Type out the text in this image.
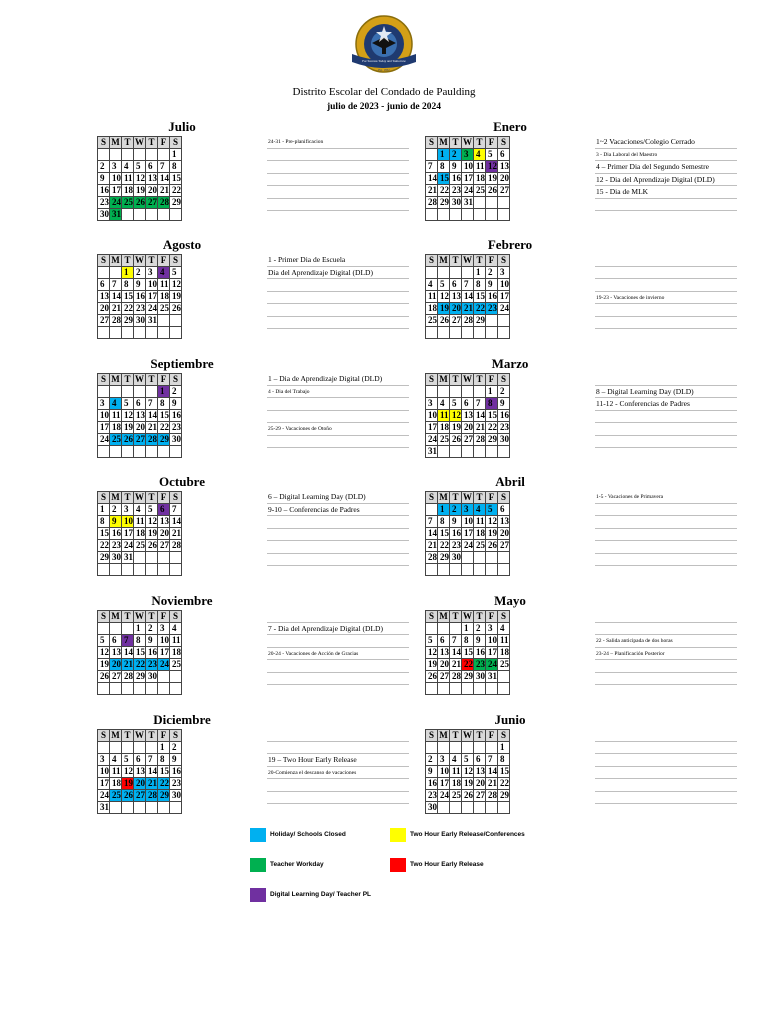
For Success Today and Tomorrow
Est. 1832
Distrito Escolar del Condado de Paulding
julio de 2023 - junio de 2024
Julio
S	M	T	W	T	F	S
						1
2	3	4	5	6	7	8
9	10	11	12	13	14	15
16	17	18	19	20	21	22
23	24	25	26	27	28	29
30	31					
24-31 - Pre-planificacion
Enero
S	M	T	W	T	F	S
	1	2	3	4	5	6
7	8	9	10	11	12	13
14	15	16	17	18	19	20
21	22	23	24	25	26	27
28	29	30	31			

1~2 Vacaciones/Colegio Cerrado
3 - Dia Laboral del Maestro
4 – Primer Dia del Segundo Semestre
12 - Dia del Aprendizaje Digital (DLD)
15 - Dia de MLK
Agosto
S	M	T	W	T	F	S
		1	2	3	4	5
6	7	8	9	10	11	12
13	14	15	16	17	18	19
20	21	22	23	24	25	26
27	28	29	30	31		

1 - Primer Dia de Escuela
Dia del Aprendizaje Digital (DLD)
Febrero
S	M	T	W	T	F	S
				1	2	3
4	5	6	7	8	9	10
11	12	13	14	15	16	17
18	19	20	21	22	23	24
25	26	27	28	29		

19-23 - Vacaciones de invierno
Septiembre
S	M	T	W	T	F	S
					1	2
3	4	5	6	7	8	9
10	11	12	13	14	15	16
17	18	19	20	21	22	23
24	25	26	27	28	29	30

1 – Dia de Aprendizaje Digital (DLD)
4 - Dia del Trabajo
25-29 - Vacaciones de Otoño
Marzo
S	M	T	W	T	F	S
					1	2
3	4	5	6	7	8	9
10	11	12	13	14	15	16
17	18	19	20	21	22	23
24	25	26	27	28	29	30
31						
8 – Digital Learning Day (DLD)
11-12 - Conferencias de Padres
Octubre
S	M	T	W	T	F	S
1	2	3	4	5	6	7
8	9	10	11	12	13	14
15	16	17	18	19	20	21
22	23	24	25	26	27	28
29	30	31				

6 – Digital Learning Day (DLD)
9-10 – Conferencias de Padres
Abril
S	M	T	W	T	F	S
	1	2	3	4	5	6
7	8	9	10	11	12	13
14	15	16	17	18	19	20
21	22	23	24	25	26	27
28	29	30				

1-5 - Vacaciones de Primavera
Noviembre
S	M	T	W	T	F	S
			1	2	3	4
5	6	7	8	9	10	11
12	13	14	15	16	17	18
19	20	21	22	23	24	25
26	27	28	29	30		

7 - Dia del Aprendizaje Digital (DLD)
20-24 - Vacaciones de Acción de Gracias
Mayo
S	M	T	W	T	F	S
			1	2	3	4
5	6	7	8	9	10	11
12	13	14	15	16	17	18
19	20	21	22	23	24	25
26	27	28	29	30	31	

22 - Salida anticipada de dos horas
23-24 – Planificación Posterior
Diciembre
S	M	T	W	T	F	S
					1	2
3	4	5	6	7	8	9
10	11	12	13	14	15	16
17	18	19	20	21	22	23
24	25	26	27	28	29	30
31						
19 – Two Hour Early Release
20-Comienza el descanso de vacaciones
Junio
S	M	T	W	T	F	S
						1
2	3	4	5	6	7	8
9	10	11	12	13	14	15
16	17	18	19	20	21	22
23	24	25	26	27	28	29
30						
Holiday/ Schools Closed	Two Hour Early Release/Conferences
Teacher Workday	Two Hour Early Release
Digital Learning Day/ Teacher PL
